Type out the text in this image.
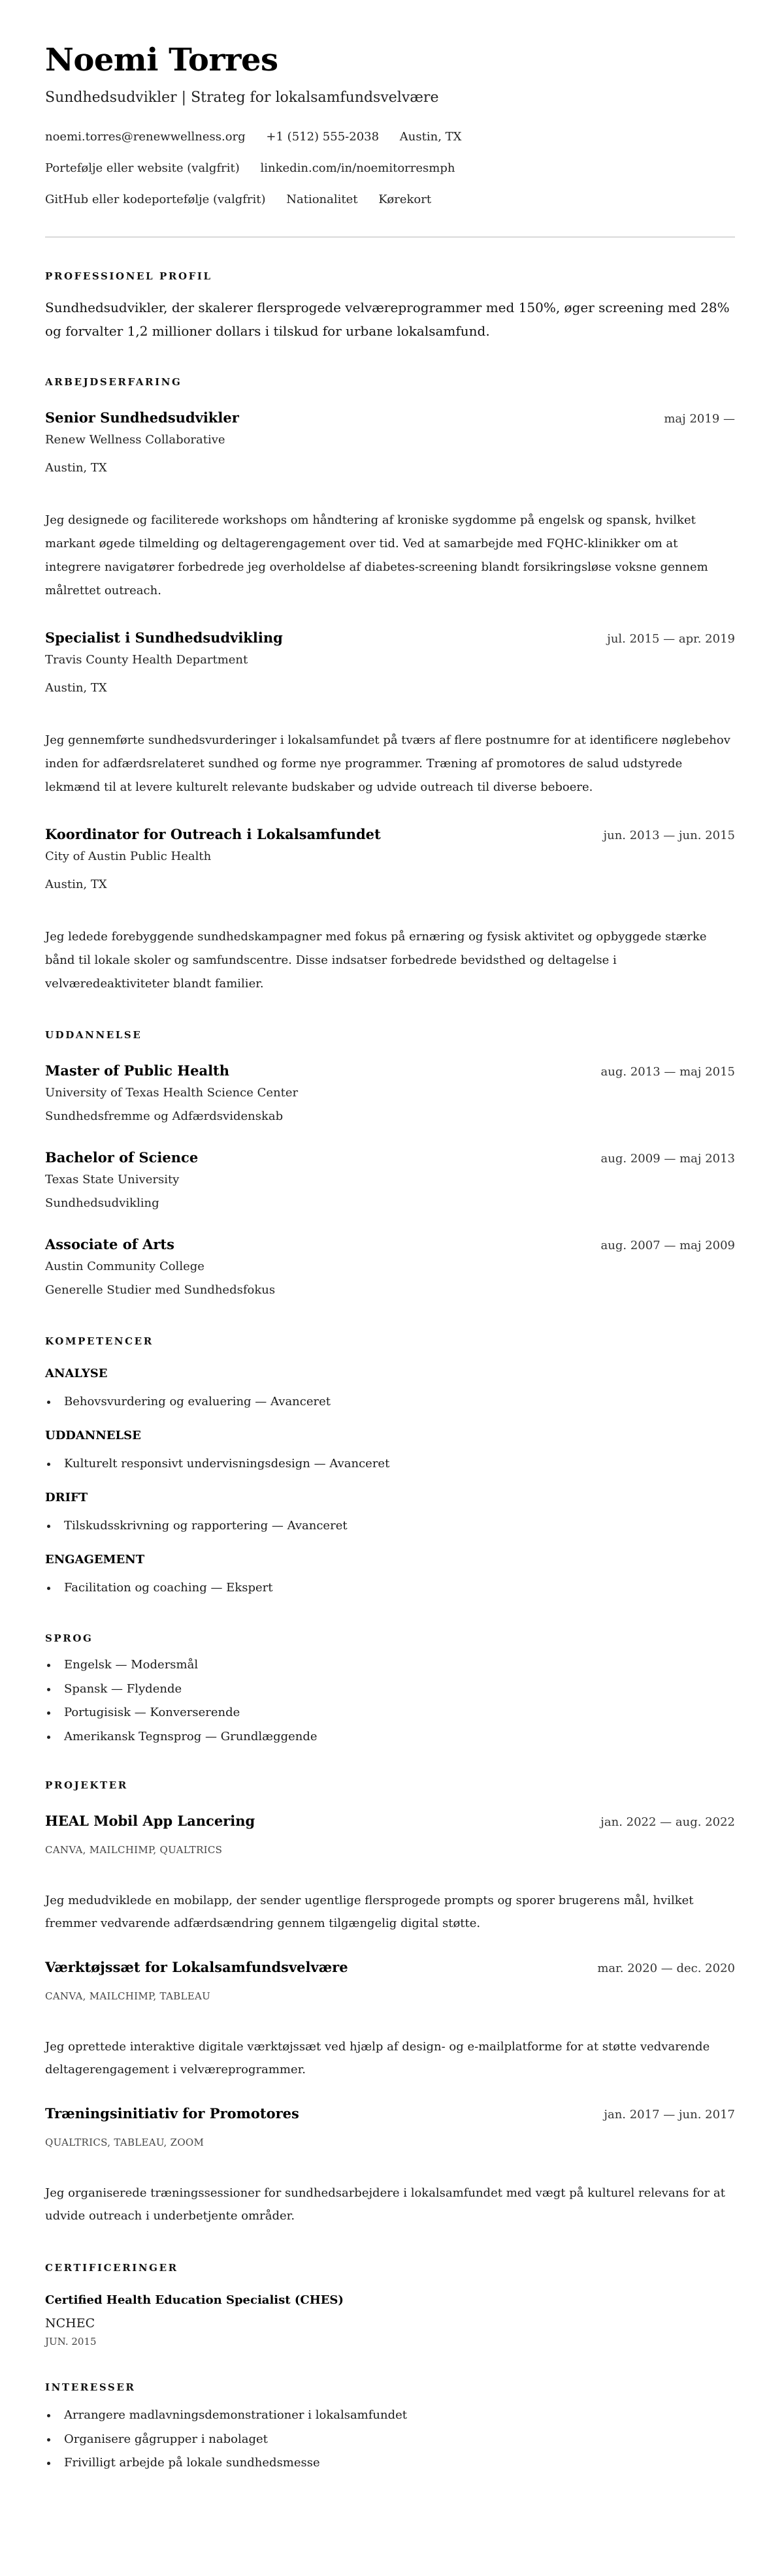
Noemi Torres
Sundhedsudvikler | Strateg for lokalsamfundsvelvære
noemi.torres@renewwellness.org +1 (512) 555-2038 Austin, TX
Portefølje eller website (valgfrit) linkedin.com/in/noemitorresmph
GitHub eller kodeportefølje (valgfrit) Nationalitet Kørekort
PROFESSIONEL PROFIL
Sundhedsudvikler, der skalerer flersprogede velværeprogrammer med 150%, øger screening med 28% og forvalter 1,2 millioner dollars i tilskud for urbane lokalsamfund.
ARBEJDSERFARING
Senior Sundhedsudvikler	maj 2019 —
Renew Wellness Collaborative
Austin, TX
Jeg designede og faciliterede workshops om håndtering af kroniske sygdomme på engelsk og spansk, hvilket markant øgede tilmelding og deltagerengagement over tid. Ved at samarbejde med FQHC-klinikker om at integrere navigatører forbedrede jeg overholdelse af diabetes-screening blandt forsikringsløse voksne gennem målrettet outreach.
Specialist i Sundhedsudvikling	jul. 2015 — apr. 2019
Travis County Health Department
Austin, TX
Jeg gennemførte sundhedsvurderinger i lokalsamfundet på tværs af flere postnumre for at identificere nøglebehov inden for adfærdsrelateret sundhed og forme nye programmer. Træning af promotores de salud udstyrede lekmænd til at levere kulturelt relevante budskaber og udvide outreach til diverse beboere.
Koordinator for Outreach i Lokalsamfundet	jun. 2013 — jun. 2015
City of Austin Public Health
Austin, TX
Jeg ledede forebyggende sundhedskampagner med fokus på ernæring og fysisk aktivitet og opbyggede stærke bånd til lokale skoler og samfundscentre. Disse indsatser forbedrede bevidsthed og deltagelse i velværedeaktiviteter blandt familier.
UDDANNELSE
Master of Public Health	aug. 2013 — maj 2015
University of Texas Health Science Center
Sundhedsfremme og Adfærdsvidenskab
Bachelor of Science	aug. 2009 — maj 2013
Texas State University
Sundhedsudvikling
Associate of Arts	aug. 2007 — maj 2009
Austin Community College
Generelle Studier med Sundhedsfokus
KOMPETENCER
ANALYSE
Behovsvurdering og evaluering — Avanceret
UDDANNELSE
Kulturelt responsivt undervisningsdesign — Avanceret
DRIFT
Tilskudsskrivning og rapportering — Avanceret
ENGAGEMENT
Facilitation og coaching — Ekspert
SPROG
Engelsk — Modersmål
Spansk — Flydende
Portugisisk — Konverserende
Amerikansk Tegnsprog — Grundlæggende
PROJEKTER
HEAL Mobil App Lancering	jan. 2022 — aug. 2022
CANVA, MAILCHIMP, QUALTRICS
Jeg medudviklede en mobilapp, der sender ugentlige flersprogede prompts og sporer brugerens mål, hvilket fremmer vedvarende adfærdsændring gennem tilgængelig digital støtte.
Værktøjssæt for Lokalsamfundsvelvære	mar. 2020 — dec. 2020
CANVA, MAILCHIMP, TABLEAU
Jeg oprettede interaktive digitale værktøjssæt ved hjælp af design- og e-mailplatforme for at støtte vedvarende deltagerengagement i velværeprogrammer.
Træningsinitiativ for Promotores	jan. 2017 — jun. 2017
QUALTRICS, TABLEAU, ZOOM
Jeg organiserede træningssessioner for sundhedsarbejdere i lokalsamfundet med vægt på kulturel relevans for at udvide outreach i underbetjente områder.
CERTIFICERINGER
Certified Health Education Specialist (CHES)
NCHEC
JUN. 2015
INTERESSER
Arrangere madlavningsdemonstrationer i lokalsamfundet
Organisere gågrupper i nabolaget
Frivilligt arbejde på lokale sundhedsmesse
